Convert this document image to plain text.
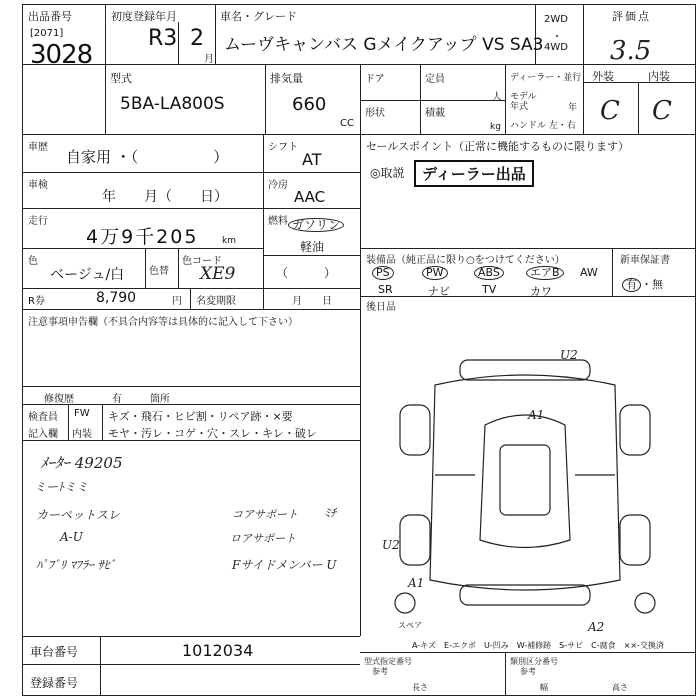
出品番号
[2071]
3028
初度登録年月
R3 2
月
車名・グレード
ムーヴキャンバス Gメイクアップ VS SA3
2WD
・
4WD
評価点
3.5
型式
5BA-LA800S
排気量
660
CC
ドア
形状
定員
人
積載
kg
ディーラー・並行
モデル年式	年
ハンドル 左・右
外装	内装
C C
車歴
自家用 ・（　　　　　）
車検
年　　月（　　日）
走行
4万9千205	km
色
ベージュ/白 色替
色コード
XE9
R券	8,790	円 名変期限	月　　日
シフト
AT
冷房
AAC
燃料 ガソリン
軽油
（　　　）
セールスポイント（正常に機能するものに限ります）
◎取説	ディーラー出品
装備品（純正品に限り○をつけてください）	新車保証書
有 ・無
PS	PW	ABS	エアB	AW
SR	ナビ	TV	カワ
後日品
注意事項申告欄（不具合内容等は具体的に記入して下さい）
修復歴	有	箇所
検査員
記入欄
FW
内装
キズ・飛石・ヒビ割・リペア跡・×要
モヤ・汚レ・コゲ・穴・スレ・キレ・破レ
ﾒｰﾀｰ 49205
ミーﾄミミ
カーペットスレ
A-U
ﾊﾟﾌﾞﾘ ﾏﾌﾗｰ ｻﾋﾞ
コアサポート
ロアサポート
ﾐﾁ
Fサイドメンバー U
U2
A1
U2
A1
A2
スペア
A-キズ　E-エクボ　U-凹み　W-補修跡　S-サビ　C-腐食　××-交換済
車台番号	1012034
登録番号
型式指定番号
参考
類別区分番号
参考
長さ	幅	高さ
